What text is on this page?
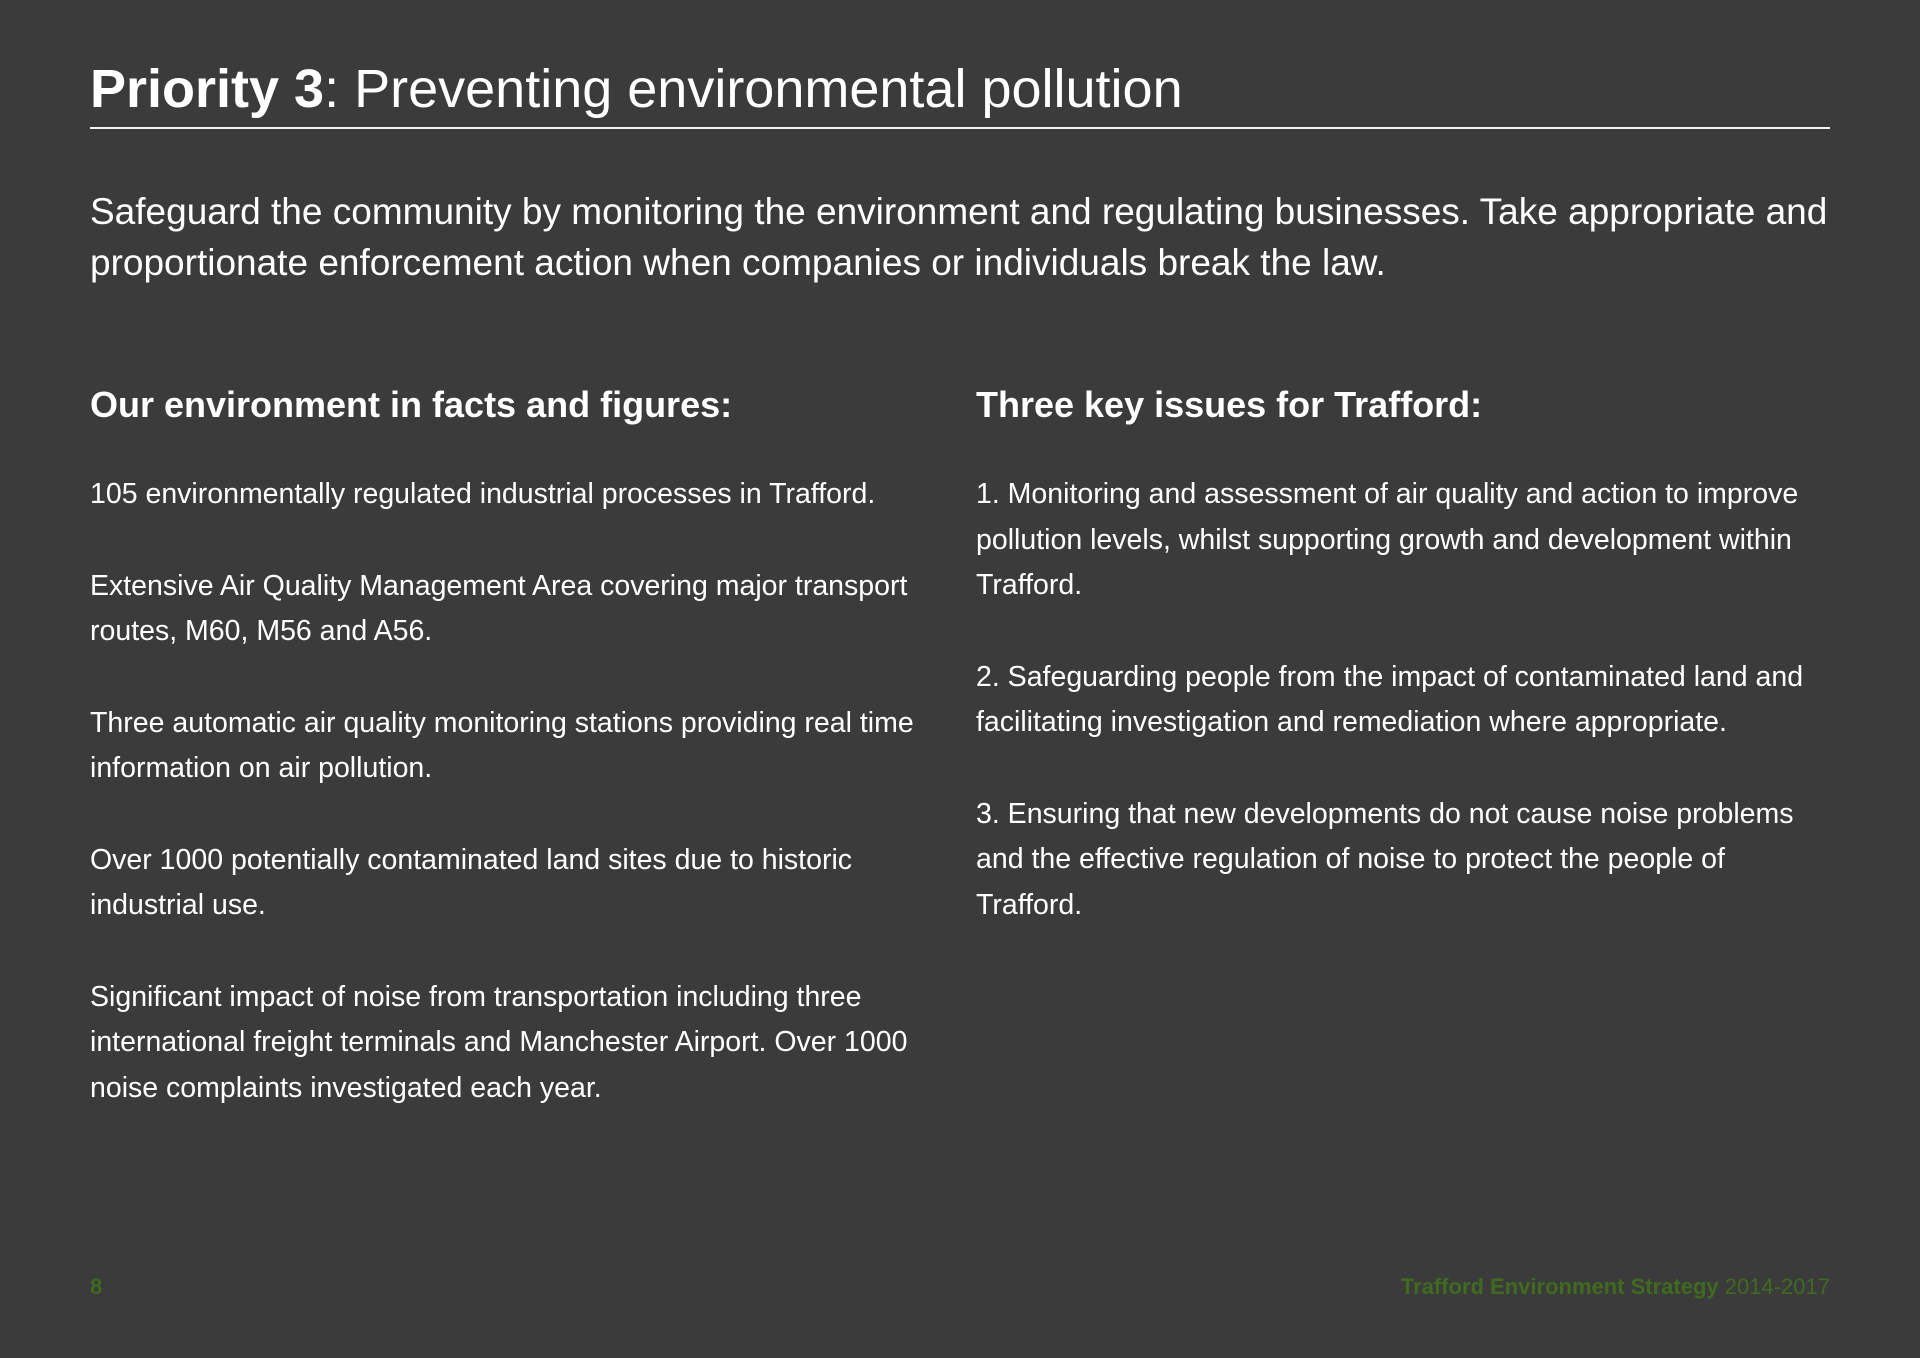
Priority 3: Preventing environmental pollution

Safeguard the community by monitoring the environment and regulating businesses. Take appropriate and proportionate enforcement action when companies or individuals break the law.

Our environment in facts and figures:

105 environmentally regulated industrial processes in Trafford.

Extensive Air Quality Management Area covering major transport routes, M60, M56 and A56.

Three automatic air quality monitoring stations providing real time information on air pollution.

Over 1000 potentially contaminated land sites due to historic industrial use.

Significant impact of noise from transportation including three international freight terminals and Manchester Airport. Over 1000 noise complaints investigated each year.

Three key issues for Trafford:

1. Monitoring and assessment of air quality and action to improve pollution levels, whilst supporting growth and development within Trafford.

2. Safeguarding people from the impact of contaminated land and facilitating investigation and remediation where appropriate.

3. Ensuring that new developments do not cause noise problems and the effective regulation of noise to protect the people of Trafford.

8	Trafford Environment Strategy 2014-2017
